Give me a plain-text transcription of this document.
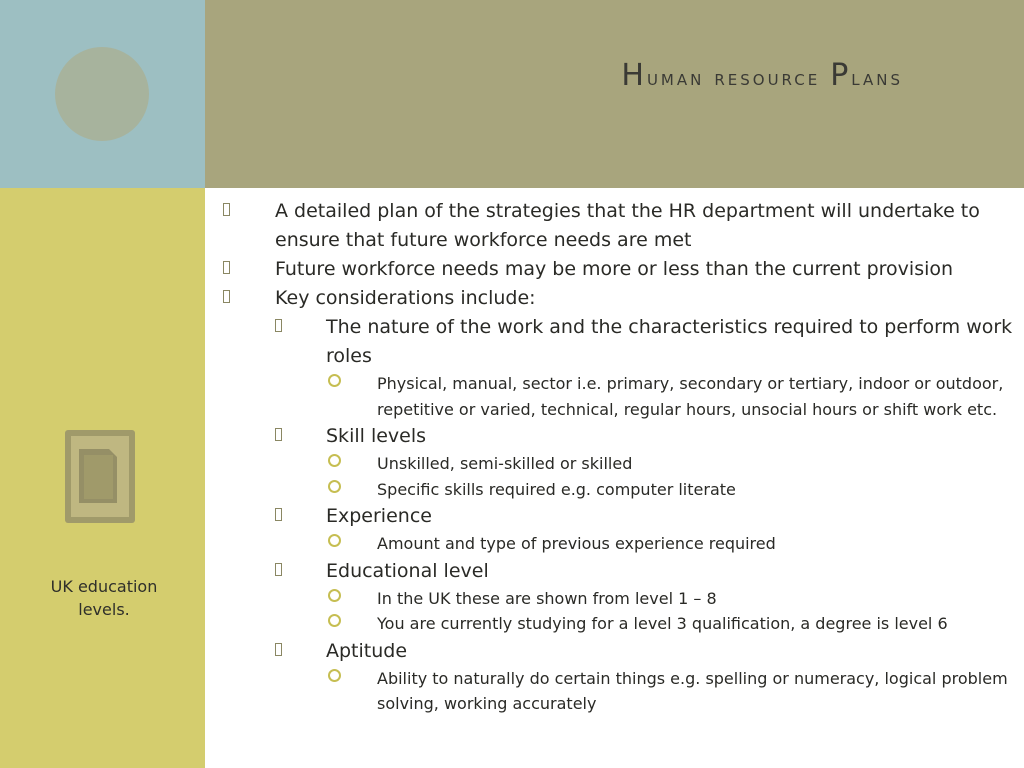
Human resource Plans
UK education
levels.
A detailed plan of the strategies that the HR department will undertake to ensure that future workforce needs are met
Future workforce needs may be more or less than the current provision
Key considerations include:
The nature of the work and the characteristics required to perform work roles
Physical, manual, sector i.e. primary, secondary or tertiary, indoor or outdoor, repetitive or varied, technical, regular hours, unsocial hours or shift work etc.
Skill levels
Unskilled, semi-skilled or skilled
Specific skills required e.g. computer literate
Experience
Amount and type of previous experience required
Educational level
In the UK these are shown from level 1 – 8
You are currently studying for a level 3 qualification, a degree is level 6
Aptitude
Ability to naturally do certain things e.g. spelling or numeracy, logical problem solving, working accurately
